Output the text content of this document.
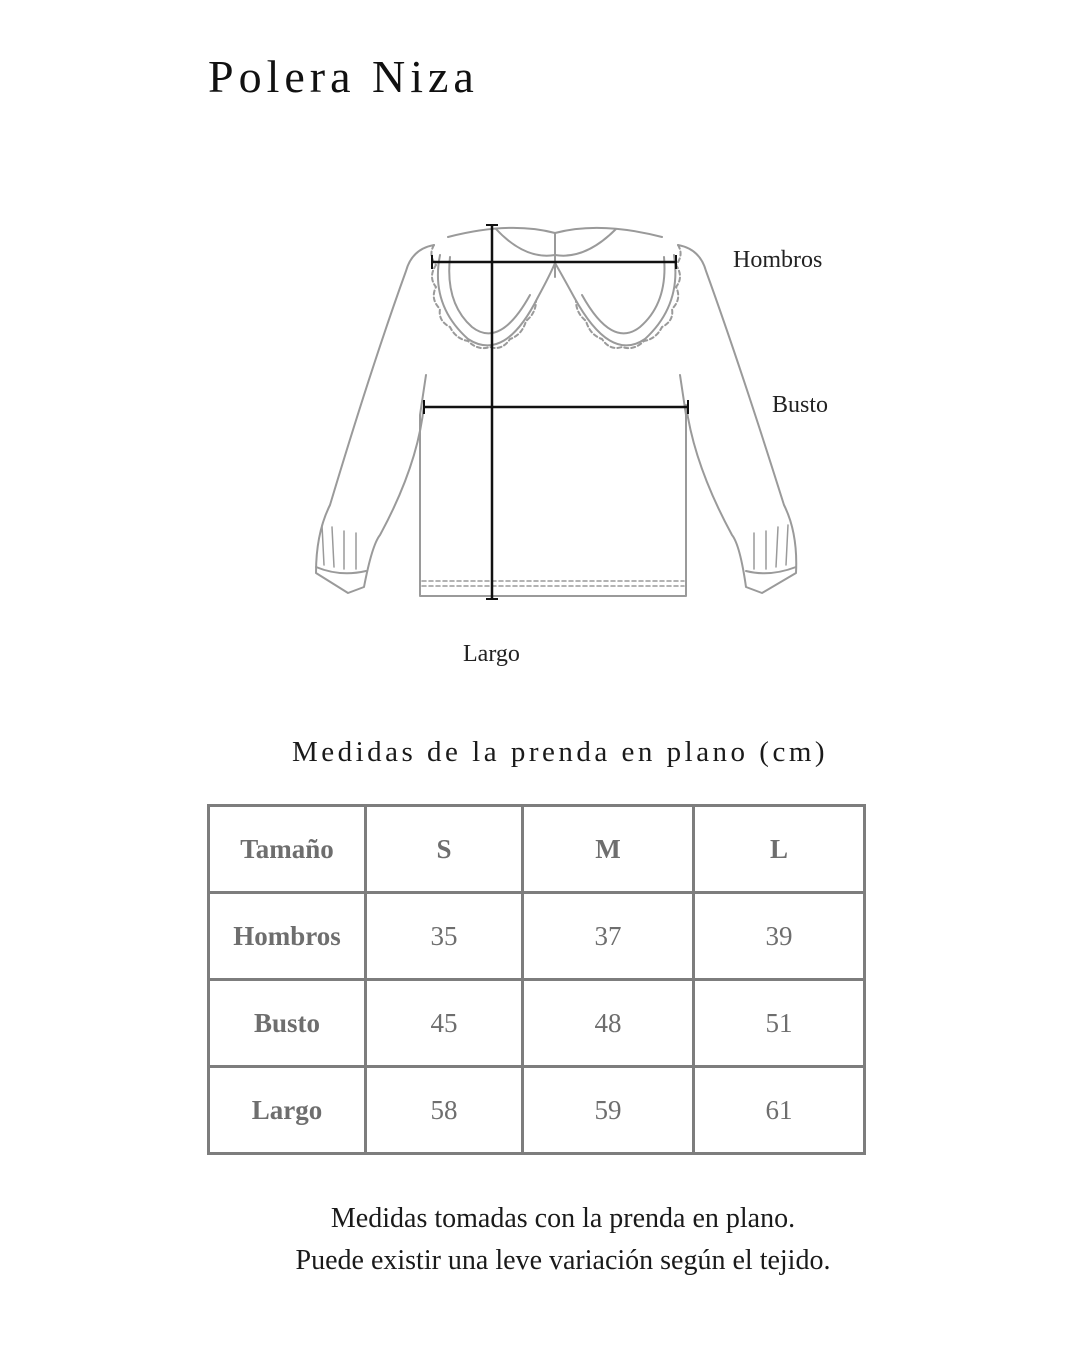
Polera Niza
Hombros
Busto
Largo
Medidas de la prenda en plano (cm)
Tamaño	S	M	L
Hombros	35	37	39
Busto	45	48	51
Largo	58	59	61
Medidas tomadas con la prenda en plano.
Puede existir una leve variación según el tejido.
